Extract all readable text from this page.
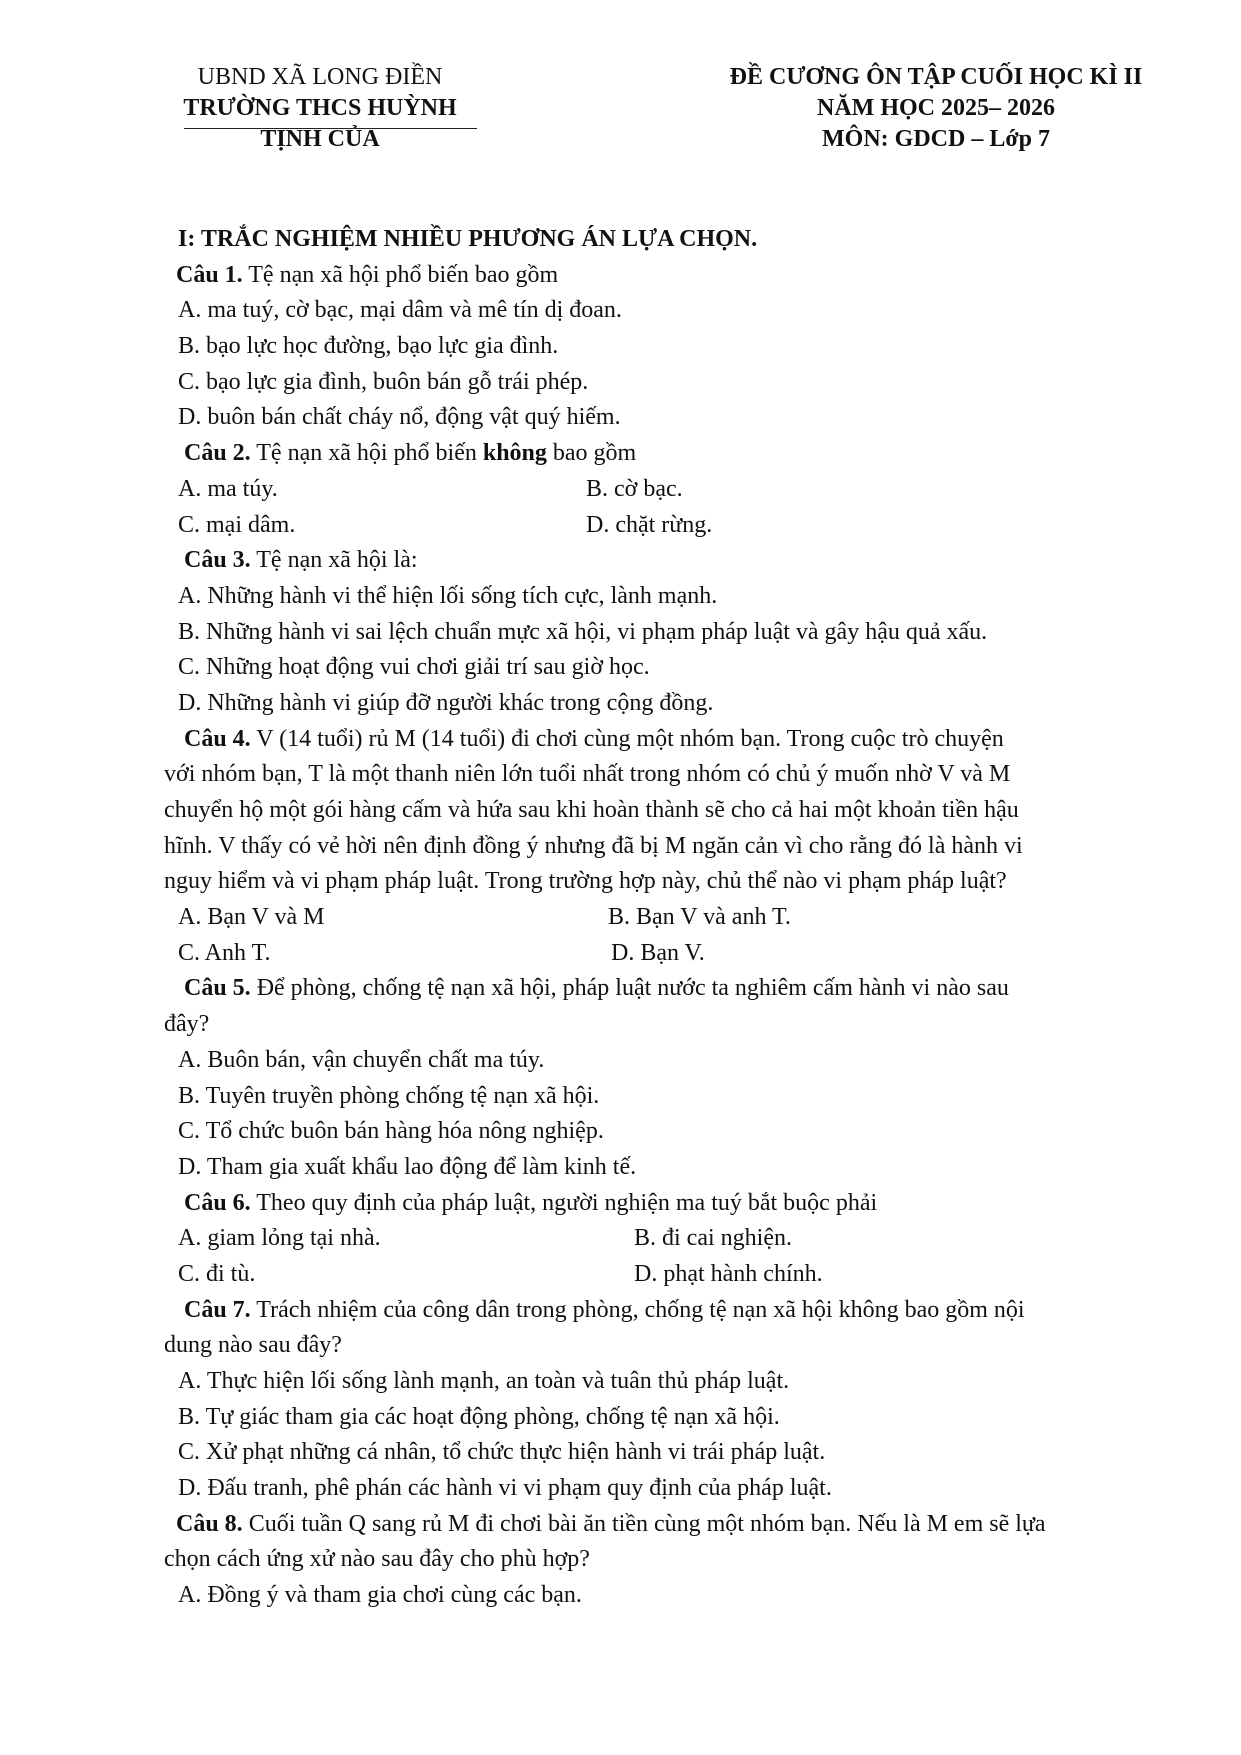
UBND XÃ LONG ĐIỀN
TRƯỜNG THCS HUỲNH TỊNH CỦA
ĐỀ CƯƠNG ÔN TẬP CUỐI HỌC KÌ II
NĂM HỌC 2025– 2026
MÔN: GDCD – Lớp 7
I: TRẮC NGHIỆM NHIỀU PHƯƠNG ÁN LỰA CHỌN.
Câu 1. Tệ nạn xã hội phổ biến bao gồm
A. ma tuý, cờ bạc, mại dâm và mê tín dị đoan.
B. bạo lực học đường, bạo lực gia đình.
C. bạo lực gia đình, buôn bán gỗ trái phép.
D. buôn bán chất cháy nổ, động vật quý hiếm.
Câu 2. Tệ nạn xã hội phổ biến không bao gồm
A. ma túy.	B. cờ bạc.
C. mại dâm.	D. chặt rừng.
Câu 3. Tệ nạn xã hội là:
A. Những hành vi thể hiện lối sống tích cực, lành mạnh.
B. Những hành vi sai lệch chuẩn mực xã hội, vi phạm pháp luật và gây hậu quả xấu.
C. Những hoạt động vui chơi giải trí sau giờ học.
D. Những hành vi giúp đỡ người khác trong cộng đồng.
Câu 4. V (14 tuổi) rủ M (14 tuổi) đi chơi cùng một nhóm bạn. Trong cuộc trò chuyện
với nhóm bạn, T là một thanh niên lớn tuổi nhất trong nhóm có chủ ý muốn nhờ V và M
chuyển hộ một gói hàng cấm và hứa sau khi hoàn thành sẽ cho cả hai một khoản tiền hậu
hĩnh. V thấy có vẻ hời nên định đồng ý nhưng đã bị M ngăn cản vì cho rằng đó là hành vi
nguy hiểm và vi phạm pháp luật. Trong trường hợp này, chủ thể nào vi phạm pháp luật?
A. Bạn V và M	B. Bạn V và anh T.
C. Anh T.	D. Bạn V.
Câu 5. Để phòng, chống tệ nạn xã hội, pháp luật nước ta nghiêm cấm hành vi nào sau
đây?
A. Buôn bán, vận chuyển chất ma túy.
B. Tuyên truyền phòng chống tệ nạn xã hội.
C. Tổ chức buôn bán hàng hóa nông nghiệp.
D. Tham gia xuất khẩu lao động để làm kinh tế.
Câu 6. Theo quy định của pháp luật, người nghiện ma tuý bắt buộc phải
A. giam lỏng tại nhà.	B. đi cai nghiện.
C. đi tù.	D. phạt hành chính.
Câu 7. Trách nhiệm của công dân trong phòng, chống tệ nạn xã hội không bao gồm nội
dung nào sau đây?
A. Thực hiện lối sống lành mạnh, an toàn và tuân thủ pháp luật.
B. Tự giác tham gia các hoạt động phòng, chống tệ nạn xã hội.
C. Xử phạt những cá nhân, tổ chức thực hiện hành vi trái pháp luật.
D. Đấu tranh, phê phán các hành vi vi phạm quy định của pháp luật.
Câu 8. Cuối tuần Q sang rủ M đi chơi bài ăn tiền cùng một nhóm bạn. Nếu là M em sẽ lựa
chọn cách ứng xử nào sau đây cho phù hợp?
A. Đồng ý và tham gia chơi cùng các bạn.
